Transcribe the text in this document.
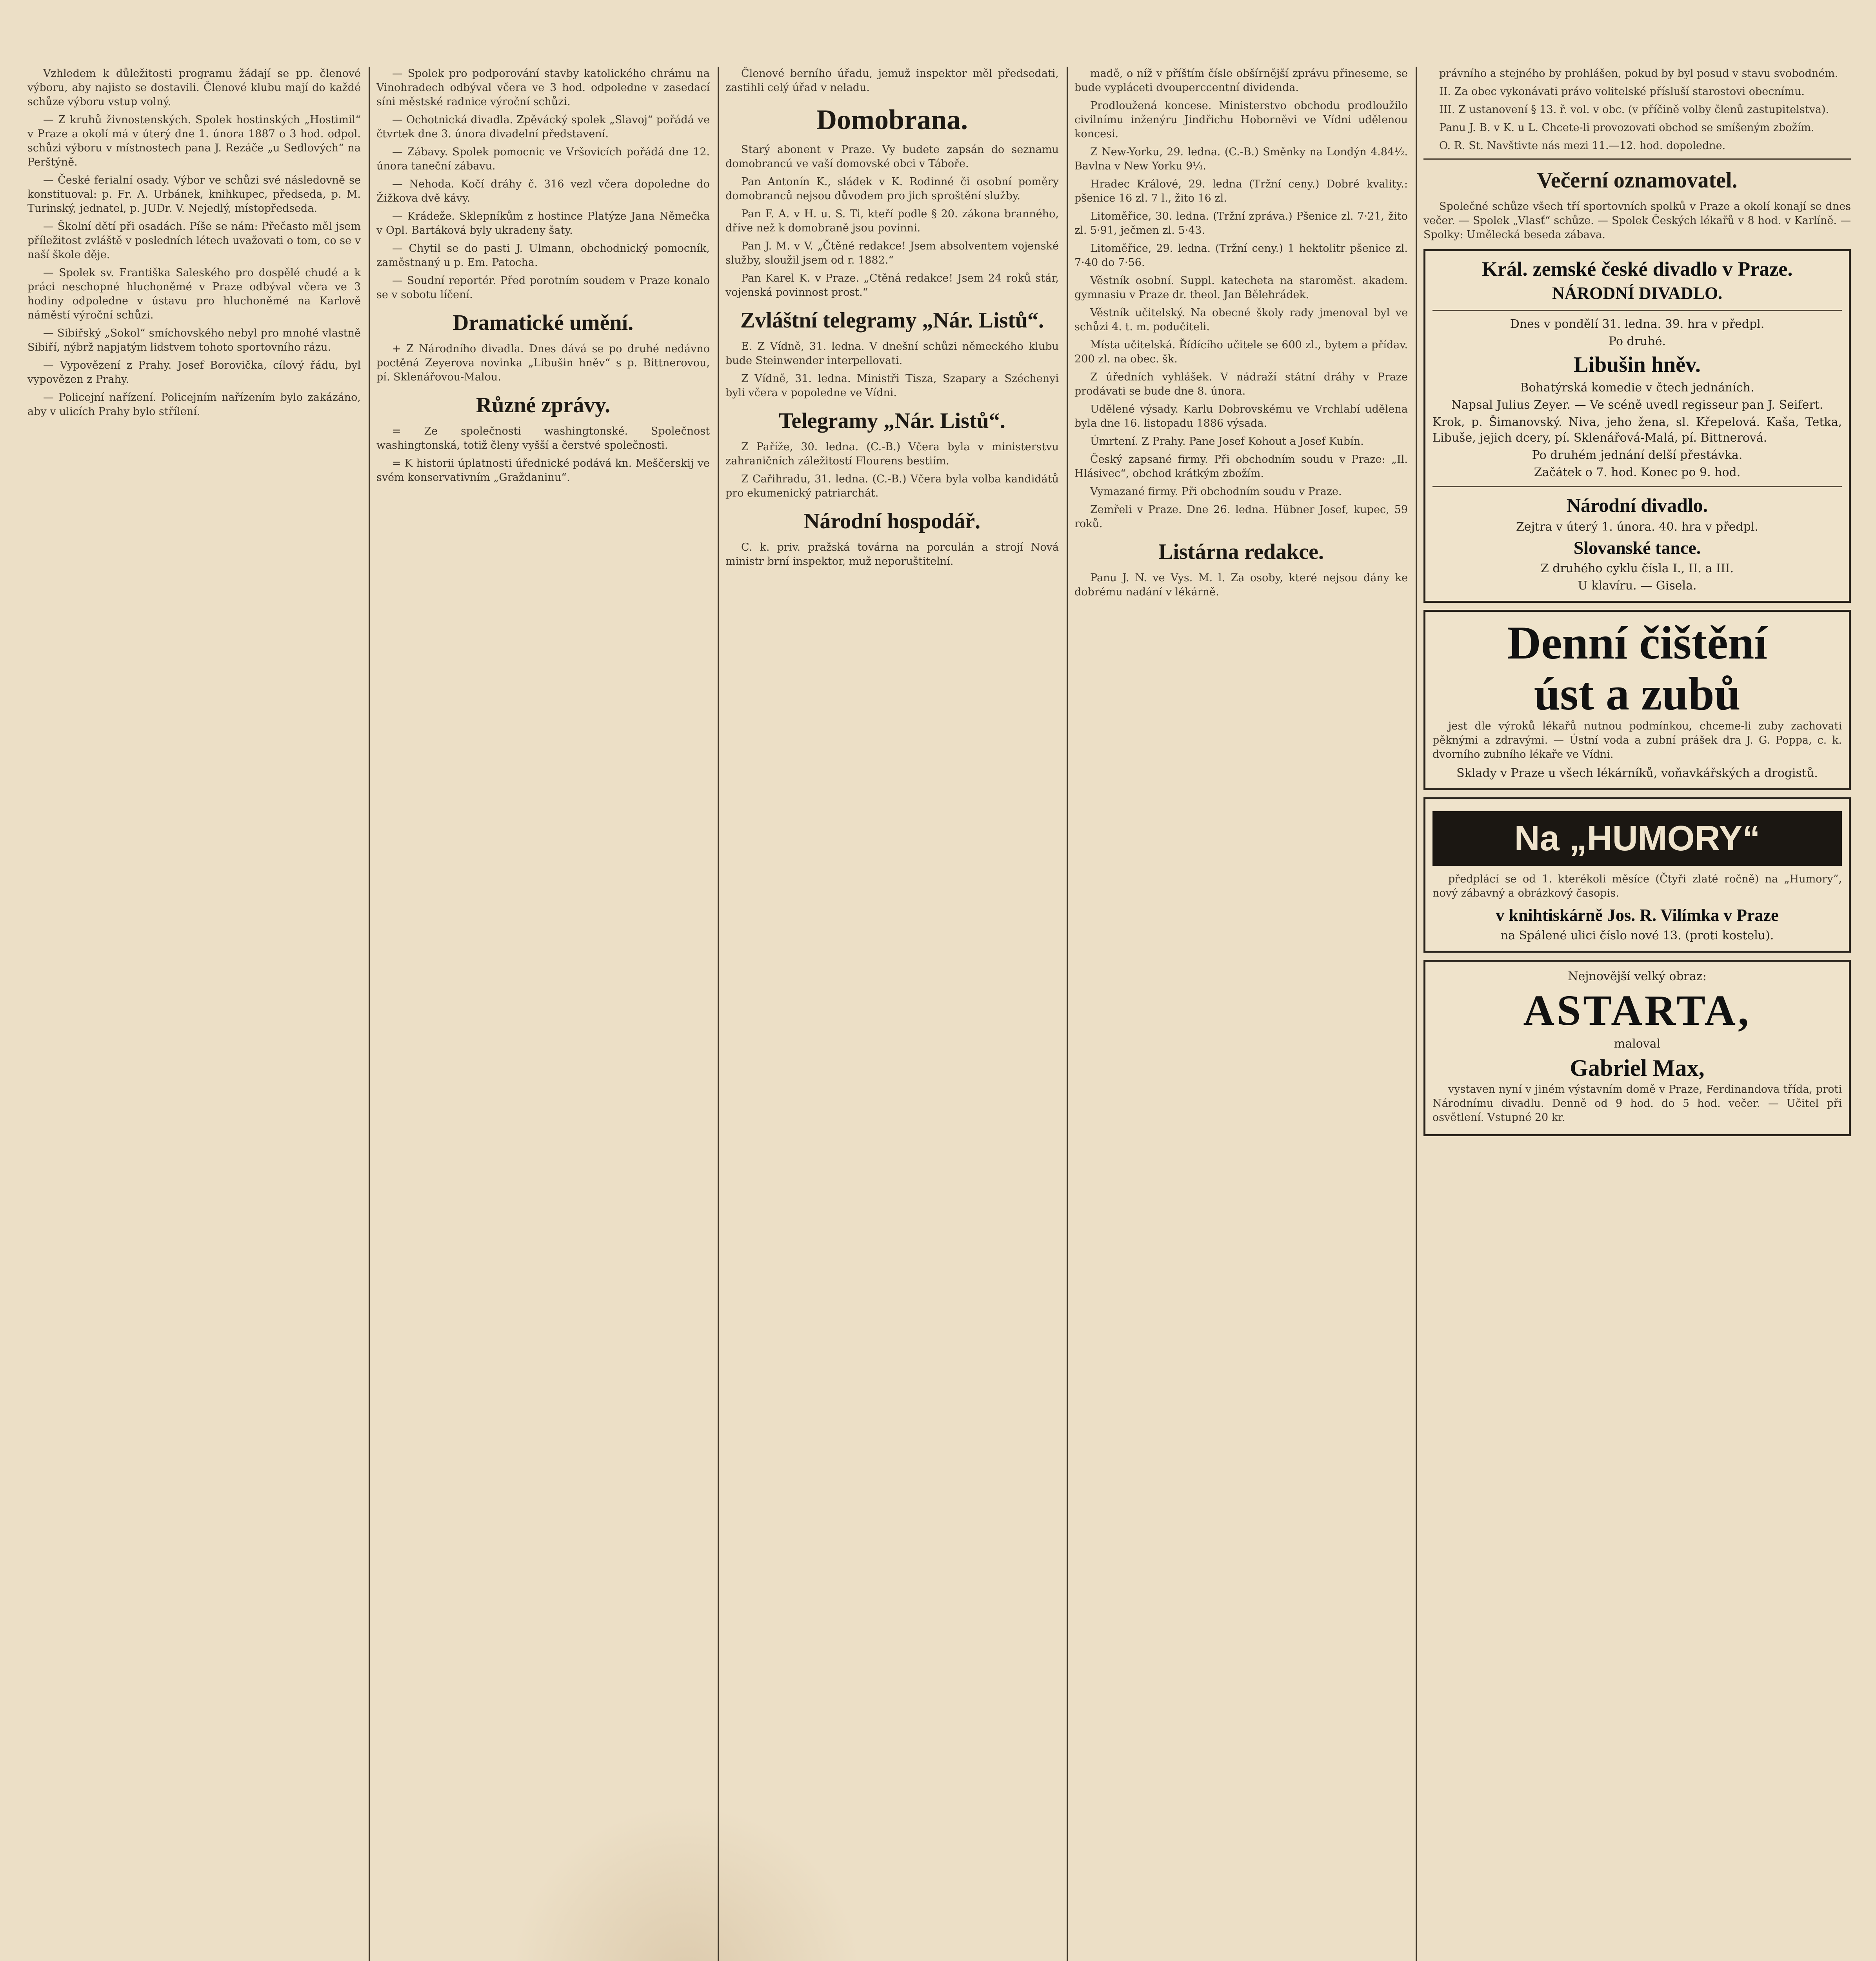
Vzhledem k důležitosti programu žádají se pp. členové výboru, aby najisto se dostavili. Členové klubu mají do každé schůze výboru vstup volný.

— Z kruhů živnostenských. Spolek hostinských „Hostimil“ v Praze a okolí má v úterý dne 1. února 1887 o 3 hod. odpol. schůzi výboru v místnostech pana J. Rezáče „u Sedlových“ na Perštýně.

— České ferialní osady. Výbor ve schůzi své následovně se konstituoval: p. Fr. A. Urbánek, knihkupec, předseda, p. M. Turinský, jednatel, p. JUDr. V. Nejedlý, místopředseda.

— Školní dětí při osadách. Píše se nám: Přečasto měl jsem příležitost zvláště v posledních létech uvažovati o tom, co se v naší škole děje.

— Spolek sv. Františka Saleského pro dospělé chudé a k práci neschopné hluchoněmé v Praze odbýval včera ve 3 hodiny odpoledne v ústavu pro hluchoněmé na Karlově náměstí výroční schůzi.

— Sibiřský „Sokol“ smíchovského nebyl pro mnohé vlastně Sibiří, nýbrž napjatým lidstvem tohoto sportovního rázu.

— Vypovězení z Prahy. Josef Borovička, cílový řádu, byl vypovězen z Prahy.

— Policejní nařízení. Policejním nařízením bylo zakázáno, aby v ulicích Prahy bylo střílení.

— Spolek pro podporování stavby katolického chrámu na Vinohradech odbýval včera ve 3 hod. odpoledne v zasedací síni městské radnice výroční schůzi.

— Ochotnická divadla. Zpěvácký spolek „Slavoj“ pořádá ve čtvrtek dne 3. února divadelní představení.

— Zábavy. Spolek pomocnic ve Vršovicích pořádá dne 12. února taneční zábavu.

— Nehoda. Kočí dráhy č. 316 vezl včera dopoledne do Žižkova dvě kávy.

— Krádeže. Sklepníkům z hostince Platýze Jana Němečka v Opl. Bartáková byly ukradeny šaty.

— Chytil se do pasti J. Ulmann, obchodnický pomocník, zaměstnaný u p. Em. Patocha.

— Soudní reportér. Před porotním soudem v Praze konalo se v sobotu líčení.

Dramatické umění.

+ Z Národního divadla. Dnes dává se po druhé nedávno poctěná Zeyerova novinka „Libušin hněv“ s p. Bittnerovou, pí. Sklenářovou-Malou.

Různé zprávy.

= Ze společnosti washingtonské. Společnost washingtonská, totiž členy vyšší a čerstvé společnosti.

= K historii úplatnosti úřednické podává kn. Meščerskij ve svém konservativním „Graždaninu“.

Členové berního úřadu, jemuž inspektor měl předsedati, zastihli celý úřad v neladu.

Domobrana.

Starý abonent v Praze. Vy budete zapsán do seznamu domobrancú ve vaší domovské obci v Táboře.

Pan Antonín K., sládek v K. Rodinné či osobní poměry domobranců nejsou důvodem pro jich sproštění služby.

Pan F. A. v H. u. S. Ti, kteří podle § 20. zákona branného, dříve než k domobraně jsou povinni.

Pan J. M. v V. „Čtěné redakce! Jsem absolventem vojenské služby, sloužil jsem od r. 1882.“

Pan Karel K. v Praze. „Ctěná redakce! Jsem 24 roků stár, vojenská povinnost prost.“

Zvláštní telegramy „Nár. Listů“.

E. Z Vídně, 31. ledna. V dnešní schůzi německého klubu bude Steinwender interpellovati.

Z Vídně, 31. ledna. Ministři Tisza, Szapary a Széchenyi byli včera v popoledne ve Vídni.

Telegramy „Nár. Listů“.

Z Paříže, 30. ledna. (C.-B.) Včera byla v ministerstvu zahraničních záležitostí Flourens bestiím.

Z Cařihradu, 31. ledna. (C.-B.) Včera byla volba kandidátů pro ekumenický patriarchát.

Národní hospodář.

C. k. priv. pražská továrna na porculán a strojí Nová ministr brní inspektor, muž neporuštitelní.

madě, o níž v příštím čísle obšírnější zprávu přineseme, se bude vypláceti dvouperccentní dividenda.

Prodloužená koncese. Ministerstvo obchodu prodloužilo civilnímu inženýru Jindřichu Hoborněvi ve Vídni udělenou koncesi.

Z New-Yorku, 29. ledna. (C.-B.) Směnky na Londýn 4.84½. Bavlna v New Yorku 9¼.

Hradec Králové, 29. ledna (Tržní ceny.) Dobré kvality.: pšenice 16 zl. 7 l., žito 16 zl.

Litoměřice, 30. ledna. (Tržní zpráva.) Pšenice zl. 7·21, žito zl. 5·91, ječmen zl. 5·43.

Litoměřice, 29. ledna. (Tržní ceny.) 1 hektolitr pšenice zl. 7·40 do 7·56.

Věstník osobní. Suppl. katecheta na staroměst. akadem. gymnasiu v Praze dr. theol. Jan Bělehrádek.

Věstník učitelský. Na obecné školy rady jmenoval byl ve schůzi 4. t. m. podučiteli.

Místa učitelská. Řídícího učitele se 600 zl., bytem a přídav. 200 zl. na obec. šk.

Z úředních vyhlášek. V nádraží státní dráhy v Praze prodávati se bude dne 8. února.

Udělené výsady. Karlu Dobrovskému ve Vrchlabí udělena byla dne 16. listopadu 1886 výsada.

Úmrtení. Z Prahy. Pane Josef Kohout a Josef Kubín.

Český zapsané firmy. Při obchodním soudu v Praze: „Il. Hlásivec“, obchod krátkým zbožím.

Vymazané firmy. Při obchodním soudu v Praze.

Zemřeli v Praze. Dne 26. ledna. Hübner Josef, kupec, 59 roků.

Listárna redakce.

Panu J. N. ve Vys. M. l. Za osoby, které nejsou dány ke dobrému nadání v lékárně.

právního a stejného by prohlášen, pokud by byl posud v stavu svobodném.

II. Za obec vykonávati právo volitelské přísluší starostovi obecnímu.

III. Z ustanovení § 13. ř. vol. v obc. (v příčině volby členů zastupitelstva).

Panu J. B. v K. u L. Chcete-li provozovati obchod se smíšeným zbožím.

O. R. St. Navštivte nás mezi 11.—12. hod. dopoledne.

Večerní oznamovatel.

Společné schůze všech tří sportovních spolků v Praze a okolí konají se dnes večer. — Spolek „Vlasť“ schůze. — Spolek Českých lékařů v 8 hod. v Karlíně. — Spolky: Umělecká beseda zábava.

Král. zemské české divadlo v Praze.
NÁRODNÍ DIVADLO.
Dnes v pondělí 31. ledna. 39. hra v předpl.
Po druhé.
Libušin hněv.
Bohatýrská komedie v čtech jednáních.
Napsal Julius Zeyer. — Ve scéně uvedl regisseur pan J. Seifert.
Krok, p. Šimanovský. Niva, jeho žena, sl. Křepelová. Kaša, Tetka, Libuše, jejich dcery, pí. Sklenářová-Malá, pí. Bittnerová.
Po druhém jednání delší přestávka.
Začátek o 7. hod. Konec po 9. hod.
Národní divadlo.
Zejtra v úterý 1. února. 40. hra v předpl.
Slovanské tance.
Z druhého cyklu čísla I., II. a III.
U klavíru. — Gisela.
Denní čištění
úst a zubů

jest dle výroků lékařů nutnou podmínkou, chceme-li zuby zachovati pěknými a zdravými. — Ústní voda a zubní prášek dra J. G. Poppa, c. k. dvorního zubního lékaře ve Vídni.

Sklady v Praze u všech lékárníků, voňavkářských a drogistů.
Na „HUMORY“

předplácí se od 1. kterékoli měsíce (Čtyři zlaté ročně) na „Humory“, nový zábavný a obrázkový časopis.

v knihtiskárně Jos. R. Vilímka v Praze
na Spálené ulici číslo nové 13. (proti kostelu).
Nejnovější velký obraz:
ASTARTA,
maloval
Gabriel Max,

vystaven nyní v jiném výstavním domě v Praze, Ferdinandova třída, proti Národnímu divadlu. Denně od 9 hod. do 5 hod. večer. — Učitel při osvětlení. Vstupné 20 kr.
